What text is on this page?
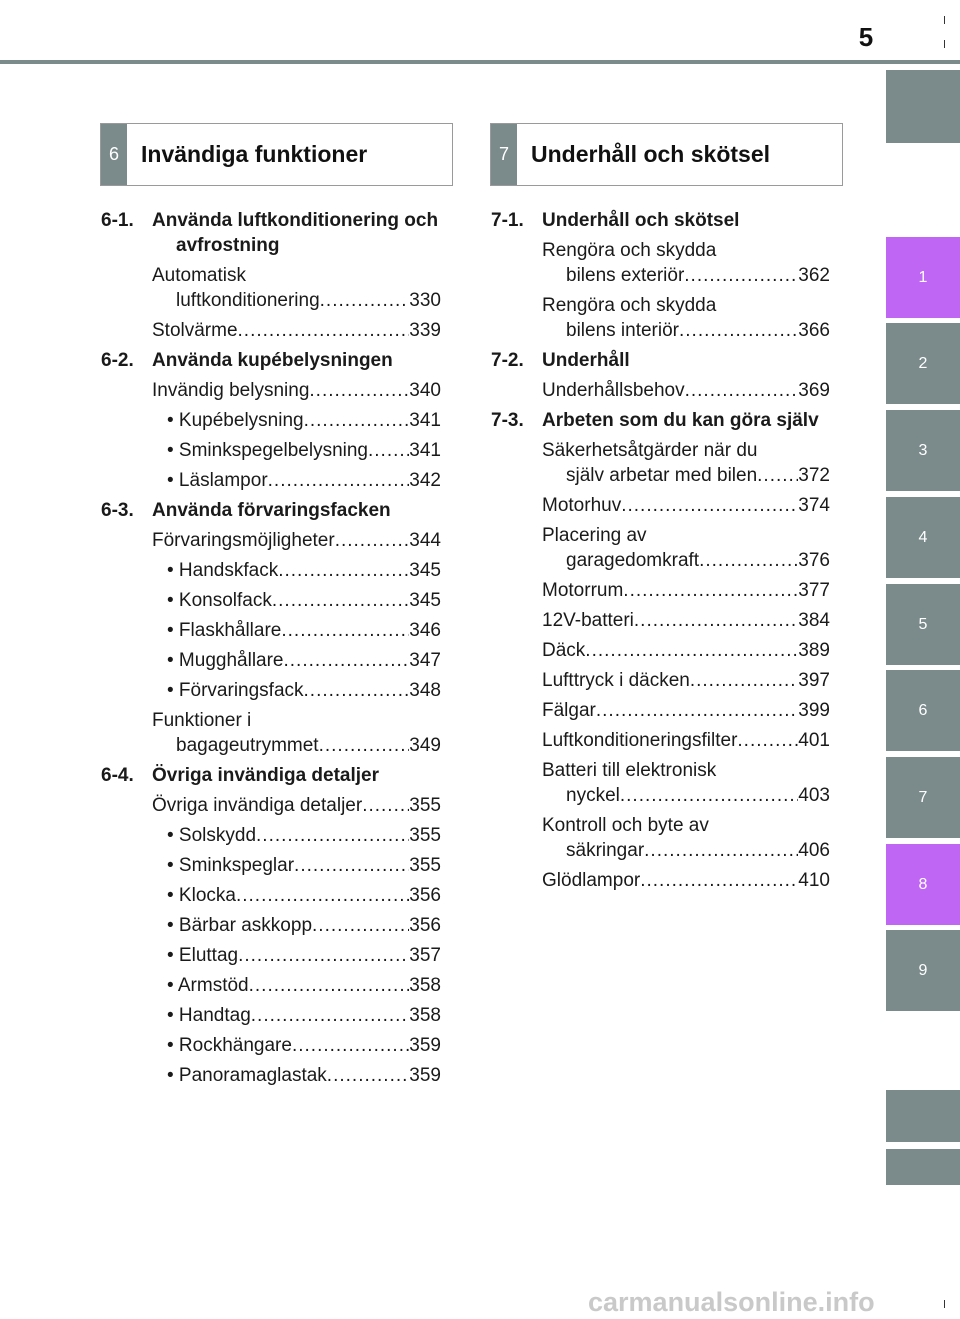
5
1
2
3
4
5
6
7
8
9
6 Invändiga funktioner	7 Underhåll och skötsel
6-1. Använda luftkonditionering och avfrostning
Automatisk
luftkonditionering .....	330
Stolvärme .....	339
6-2. Använda kupébelysningen
Invändig belysning .....	340
• Kupébelysning .....	341
• Sminkspegelbelysning ..... 341
• Läslampor .....	342
6-3. Använda förvaringsfacken
Förvaringsmöjligheter .....	344
• Handskfack .....	345
• Konsolfack .....	345
• Flaskhållare .....	346
• Mugghållare .....	347
• Förvaringsfack .....	348
Funktioner i
bagageutrymmet .....	349
6-4. Övriga invändiga detaljer
Övriga invändiga detaljer ..... 355
• Solskydd .....	355
• Sminkspeglar .....	355
• Klocka .....	356
• Bärbar askkopp .....	356
• Eluttag .....	357
• Armstöd .....	358
• Handtag .....	358
• Rockhängare .....	359
• Panoramaglastak .....	359
7-1. Underhåll och skötsel
Rengöra och skydda
bilens exteriör .....	362
Rengöra och skydda
bilens interiör .....	366
7-2. Underhåll
Underhållsbehov .....	369
7-3. Arbeten som du kan göra själv
Säkerhetsåtgärder när du
själv arbetar med bilen ..... 372
Motorhuv .....	374
Placering av
garagedomkraft .....	376
Motorrum .....	377
12V-batteri .....	384
Däck .....	389
Lufttryck i däcken .....	397
Fälgar .....	399
Luftkonditioneringsfilter .....	401
Batteri till elektronisk
nyckel .....	403
Kontroll och byte av
säkringar .....	406
Glödlampor .....	410
carmanualsonline.info
